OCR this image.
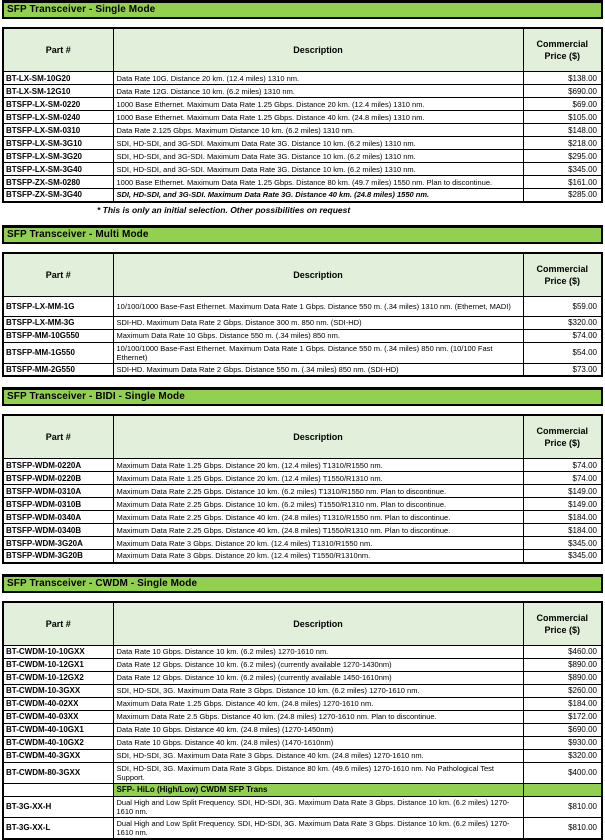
SFP Transceiver - Single Mode
Part #	Description	Commercial Price ($)
BT-LX-SM-10G20	Data Rate 10G. Distance 20 km. (12.4 miles) 1310 nm.	$138.00
BT-LX-SM-12G10	Data Rate 12G. Distance 10 km. (6.2 miles) 1310 nm.	$690.00
BTSFP-LX-SM-0220	1000 Base Ethernet. Maximum Data Rate 1.25 Gbps. Distance 20 km. (12.4 miles) 1310 nm.	$69.00
BTSFP-LX-SM-0240	1000 Base Ethernet. Maximum Data Rate 1.25 Gbps. Distance 40 km. (24.8 miles) 1310 nm.	$105.00
BTSFP-LX-SM-0310	Data Rate 2.125 Gbps. Maximum Distance 10 km. (6.2 miles) 1310 nm.	$148.00
BTSFP-LX-SM-3G10	SDI, HD-SDI, and 3G-SDI. Maximum Data Rate 3G. Distance 10 km. (6.2 miles) 1310 nm.	$218.00
BTSFP-LX-SM-3G20	SDI, HD-SDI, and 3G-SDI. Maximum Data Rate 3G. Distance 10 km. (6.2 miles) 1310 nm.	$295.00
BTSFP-LX-SM-3G40	SDI, HD-SDI, and 3G-SDI. Maximum Data Rate 3G. Distance 10 km. (6.2 miles) 1310 nm.	$345.00
BTSFP-ZX-SM-0280	1000 Base Ethernet. Maximum Data Rate 1.25 Gbps. Distance 80 km. (49.7 miles) 1550 nm. Plan to discontinue.	$161.00
BTSFP-ZX-SM-3G40	SDI, HD-SDI, and 3G-SDI. Maximum Data Rate 3G. Distance 40 km. (24.8 miles) 1550 nm.	$285.00
* This is only an initial selection. Other possibilities on request
SFP Transceiver - Multi Mode
Part #	Description	Commercial Price ($)
BTSFP-LX-MM-1G	10/100/1000 Base-Fast Ethernet. Maximum Data Rate 1 Gbps. Distance 550 m. (.34 miles) 1310 nm. (Ethernet, MADI)	$59.00
BTSFP-LX-MM-3G	SDI-HD. Maximum Data Rate 2 Gbps. Distance 300 m. 850 nm. (SDI-HD)	$320.00
BTSFP-MM-10G550	Maximum Data Rate 10 Gbps. Distance 550 m. (.34 miles) 850 nm.	$74.00
BTSFP-MM-1G550	10/100/1000 Base-Fast Ethernet. Maximum Data Rate 1 Gbps. Distance 550 m. (.34 miles) 850 nm. (10/100 Fast Ethernet)	$54.00
BTSFP-MM-2G550	SDI-HD. Maximum Data Rate 2 Gbps. Distance 550 m. (.34 miles) 850 nm. (SDI-HD)	$73.00
SFP Transceiver - BIDI - Single Mode
Part #	Description	Commercial Price ($)
BTSFP-WDM-0220A	Maximum Data Rate 1.25 Gbps. Distance 20 km. (12.4 miles) T1310/R1550 nm.	$74.00
BTSFP-WDM-0220B	Maximum Data Rate 1.25 Gbps. Distance 20 km. (12.4 miles) T1550/R1310 nm.	$74.00
BTSFP-WDM-0310A	Maximum Data Rate 2.25 Gbps. Distance 10 km. (6.2 miles) T1310/R1550 nm. Plan to discontinue.	$149.00
BTSFP-WDM-0310B	Maximum Data Rate 2.25 Gbps. Distance 10 km. (6.2 miles) T1550/R1310 nm. Plan to discontinue.	$149.00
BTSFP-WDM-0340A	Maximum Data Rate 2.25 Gbps. Distance 40 km. (24.8 miles) T1310/R1550 nm. Plan to discontinue.	$184.00
BTSFP-WDM-0340B	Maximum Data Rate 2.25 Gbps. Distance 40 km. (24.8 miles) T1550/R1310 nm. Plan to discontinue.	$184.00
BTSFP-WDM-3G20A	Maximum Data Rate 3 Gbps. Distance 20 km. (12.4 miles) T1310/R1550 nm.	$345.00
BTSFP-WDM-3G20B	Maximum Data Rate 3 Gbps. Distance 20 km. (12.4 miles) T1550/R1310nm.	$345.00
SFP Transceiver - CWDM - Single Mode
Part #	Description	Commercial Price ($)
BT-CWDM-10-10GXX	Data Rate 10 Gbps. Distance 10 km. (6.2 miles) 1270-1610 nm.	$460.00
BT-CWDM-10-12GX1	Data Rate 12 Gbps. Distance 10 km. (6.2 miles) (currently available 1270-1430nm)	$890.00
BT-CWDM-10-12GX2	Data Rate 12 Gbps. Distance 10 km. (6.2 miles) (currently available 1450-1610nm)	$890.00
BT-CWDM-10-3GXX	SDI, HD-SDI, 3G. Maximum Data Rate 3 Gbps. Distance 10 km. (6.2 miles) 1270-1610 nm.	$260.00
BT-CWDM-40-02XX	Maximum Data Rate 1.25 Gbps. Distance 40 km. (24.8 miles) 1270-1610 nm.	$184.00
BT-CWDM-40-03XX	Maximum Data Rate 2.5 Gbps. Distance 40 km. (24.8 miles) 1270-1610 nm. Plan to discontinue.	$172.00
BT-CWDM-40-10GX1	Data Rate 10 Gbps. Distance 40 km. (24.8 miles) (1270-1450nm)	$690.00
BT-CWDM-40-10GX2	Data Rate 10 Gbps. Distance 40 km. (24.8 miles) (1470-1610nm)	$930.00
BT-CWDM-40-3GXX	SDI, HD-SDI, 3G. Maximum Data Rate 3 Gbps. Distance 40 km. (24.8 miles) 1270-1610 nm.	$320.00
BT-CWDM-80-3GXX	SDI, HD-SDI, 3G. Maximum Data Rate 3 Gbps. Distance 80 km. (49.6 miles) 1270-1610 nm. No Pathological Test Support.	$400.00
	SFP- HiLo (High/Low) CWDM SFP Trans	
BT-3G-XX-H	Dual High and Low Split Frequency. SDI, HD-SDI, 3G. Maximum Data Rate 3 Gbps. Distance 10 km. (6.2 miles) 1270-1610 nm.	$810.00
BT-3G-XX-L	Dual High and Low Split Frequency. SDI, HD-SDI, 3G. Maximum Data Rate 3 Gbps. Distance 10 km. (6.2 miles) 1270-1610 nm.	$810.00
